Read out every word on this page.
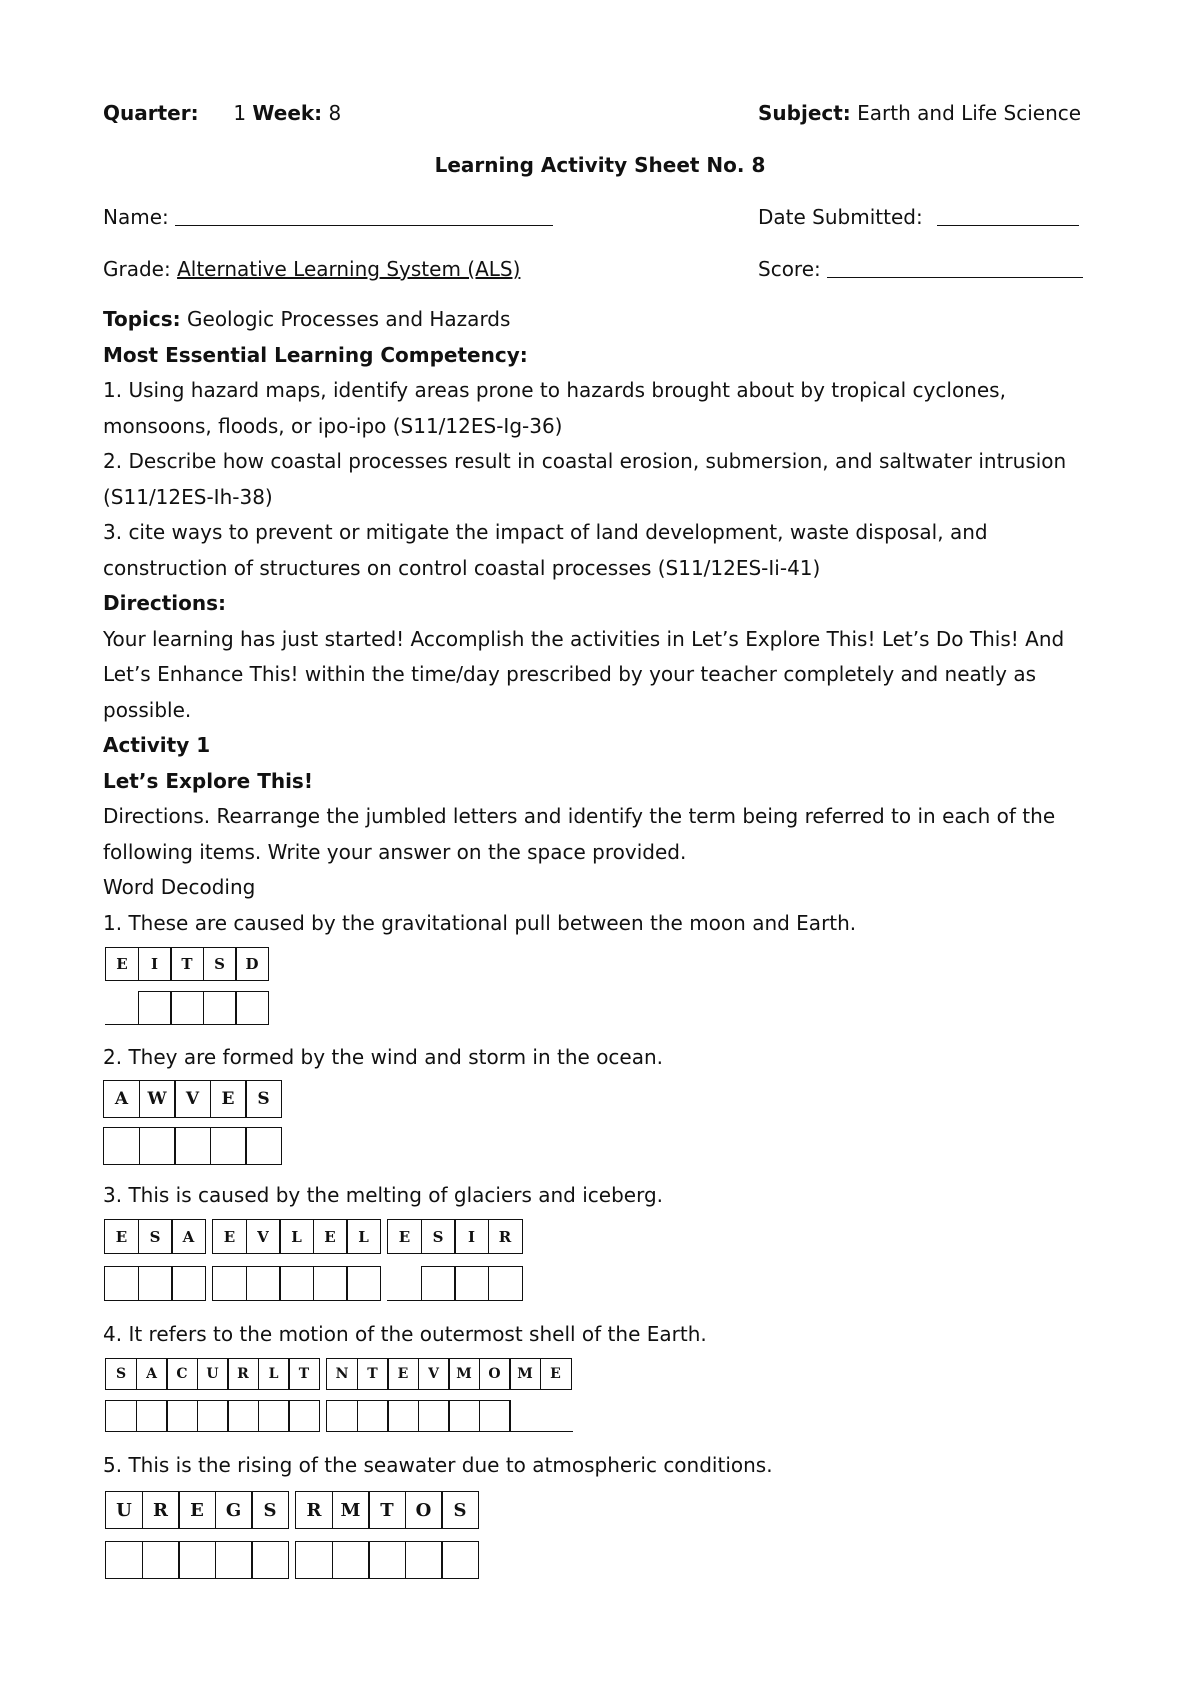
Quarter: 1 Week: 8	Subject: Earth and Life Science
Learning Activity Sheet No. 8
Name:	Date Submitted:
Grade: Alternative Learning System (ALS)	Score:
Topics: Geologic Processes and Hazards
Most Essential Learning Competency:
1. Using hazard maps, identify areas prone to hazards brought about by tropical cyclones,
monsoons, floods, or ipo-ipo (S11/12ES-Ig-36)
2. Describe how coastal processes result in coastal erosion, submersion, and saltwater intrusion
(S11/12ES-Ih-38)
3. cite ways to prevent or mitigate the impact of land development, waste disposal, and
construction of structures on control coastal processes (S11/12ES-Ii-41)
Directions:
Your learning has just started! Accomplish the activities in Let’s Explore This! Let’s Do This! And
Let’s Enhance This! within the time/day prescribed by your teacher completely and neatly as
possible.
Activity 1
Let’s Explore This!
Directions. Rearrange the jumbled letters and identify the term being referred to in each of the
following items. Write your answer on the space provided.
Word Decoding
1. These are caused by the gravitational pull between the moon and Earth.
E	I	T	S	D
2. They are formed by the wind and storm in the ocean.
A	W	V	E	S
3. This is caused by the melting of glaciers and iceberg.
E	S	A	E	V	L	E	L	E	S	I	R
4. It refers to the motion of the outermost shell of the Earth.
S	A	C	U	R	L	T	N	T	E	V	M	O	M	E
5. This is the rising of the seawater due to atmospheric conditions.
U	R	E	G	S	R	M	T	O	S
